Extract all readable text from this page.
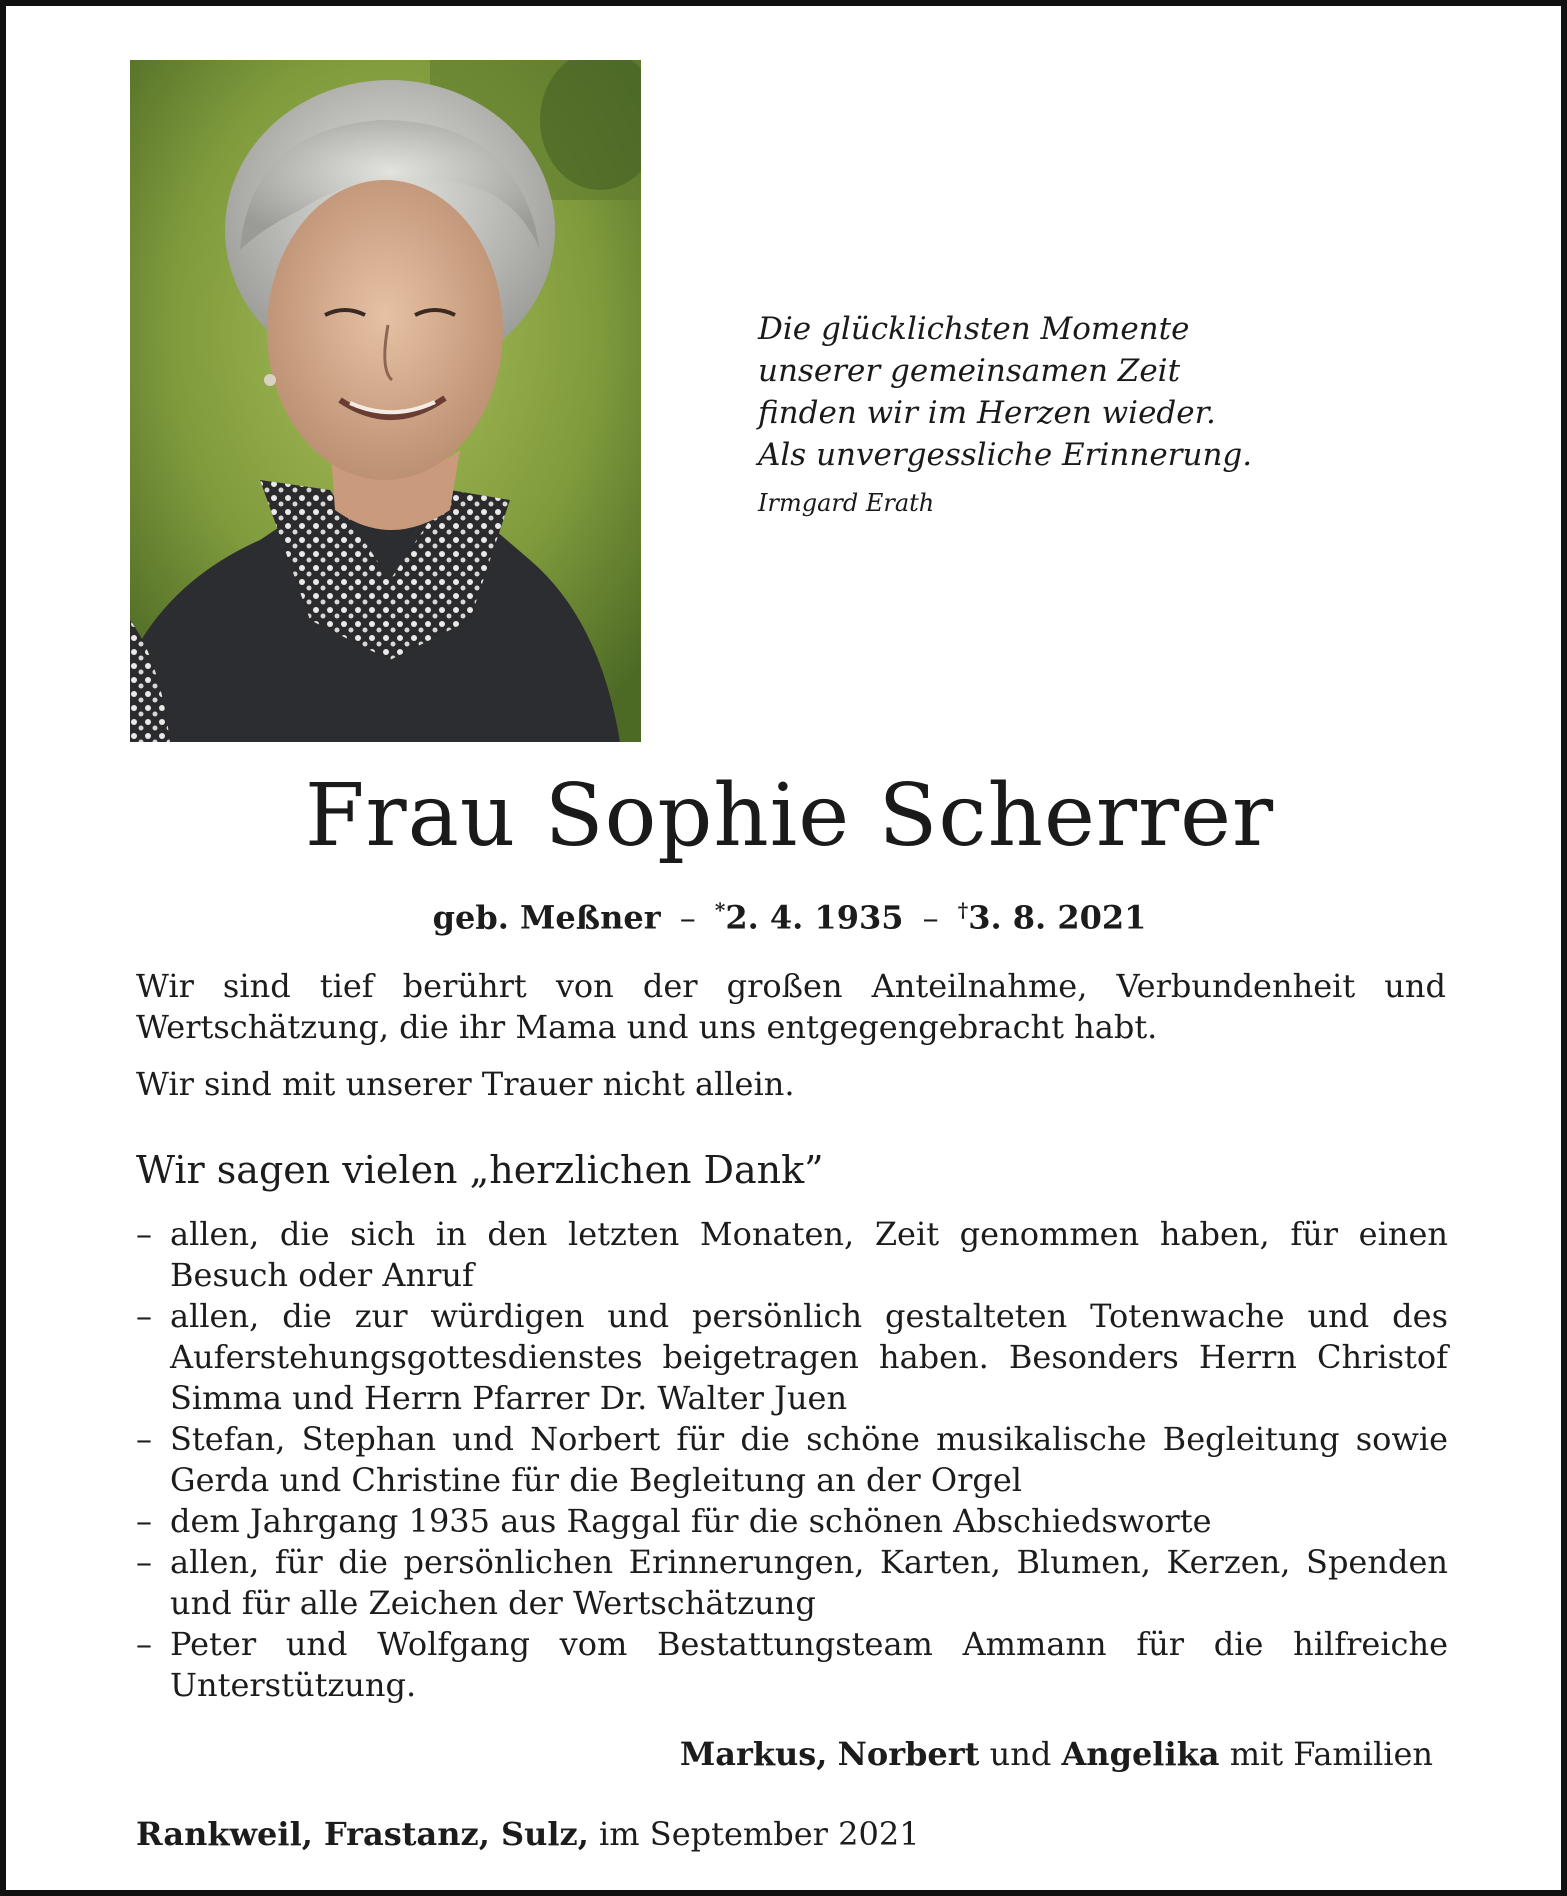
Die glücklichsten Momente
unserer gemeinsamen Zeit
finden wir im Herzen wieder.
Als unvergessliche Erinnerung.
Irmgard Erath
Frau Sophie Scherrer
geb. Meßner – *2. 4. 1935 – †3. 8. 2021
Wir sind tief berührt von der großen Anteilnahme, Verbundenheit und Wertschätzung, die ihr Mama und uns entgegengebracht habt.
Wir sind mit unserer Trauer nicht allein.
Wir sagen vielen „herzlichen Dank”
– allen, die sich in den letzten Monaten, Zeit genommen haben, für einen Besuch oder Anruf
– allen, die zur würdigen und persönlich gestalteten Totenwache und des Auferstehungsgottesdienstes beigetragen haben. Besonders Herrn Christof Simma und Herrn Pfarrer Dr. Walter Juen
– Stefan, Stephan und Norbert für die schöne musikalische Begleitung sowie Gerda und Christine für die Begleitung an der Orgel
– dem Jahrgang 1935 aus Raggal für die schönen Abschiedsworte
– allen, für die persönlichen Erinnerungen, Karten, Blumen, Kerzen, Spenden und für alle Zeichen der Wertschätzung
– Peter und Wolfgang vom Bestattungsteam Ammann für die hilfreiche Unterstützung.
Markus, Norbert und Angelika mit Familien
Rankweil, Frastanz, Sulz, im September 2021
